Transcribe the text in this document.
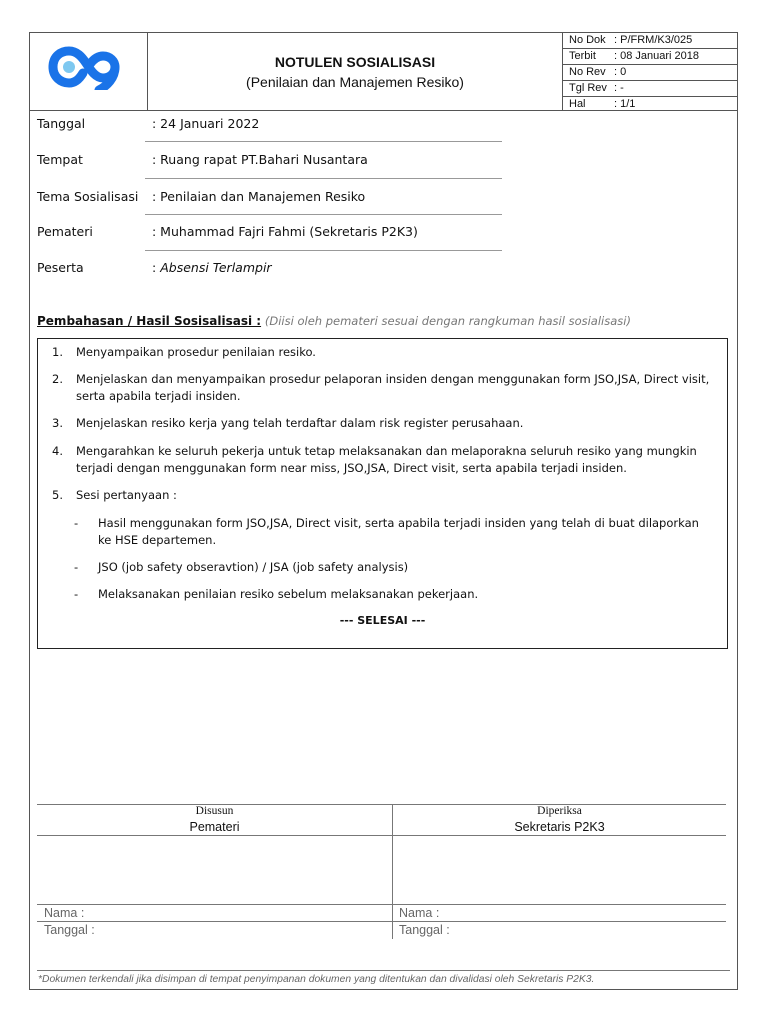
NOTULEN SOSIALISASI
(Penilaian dan Manajemen Resiko)
No Dok : P/FRM/K3/025
Terbit : 08 Januari 2018
No Rev : 0
Tgl Rev : -
Hal	: 1/1
Tanggal	: 24 Januari 2022
Tempat	: Ruang rapat PT.Bahari Nusantara
Tema Sosialisasi : Penilaian dan Manajemen Resiko
Pemateri	: Muhammad Fajri Fahmi (Sekretaris P2K3)
Peserta	: Absensi Terlampir
Pembahasan / Hasil Sosisalisasi : (Diisi oleh pemateri sesuai dengan rangkuman hasil sosialisasi)
1. Menyampaikan prosedur penilaian resiko.
2. Menjelaskan dan menyampaikan prosedur pelaporan insiden dengan menggunakan form JSO,JSA, Direct visit, serta apabila terjadi insiden.
3. Menjelaskan resiko kerja yang telah terdaftar dalam risk register perusahaan.
4. Mengarahkan ke seluruh pekerja untuk tetap melaksanakan dan melaporakna seluruh resiko yang mungkin terjadi dengan menggunakan form near miss, JSO,JSA, Direct visit, serta apabila terjadi insiden.
5. Sesi pertanyaan :
- Hasil menggunakan form JSO,JSA, Direct visit, serta apabila terjadi insiden yang telah di buat dilaporkan ke HSE departemen.
- JSO (job safety obseravtion) / JSA (job safety analysis)
- Melaksanakan penilaian resiko sebelum melaksanakan pekerjaan.
--- SELESAI ---
Disusun
Pemateri
Diperiksa
Sekretaris P2K3
Nama :
Tanggal :
Nama :
Tanggal :
*Dokumen terkendali jika disimpan di tempat penyimpanan dokumen yang ditentukan dan divalidasi oleh Sekretaris P2K3.
